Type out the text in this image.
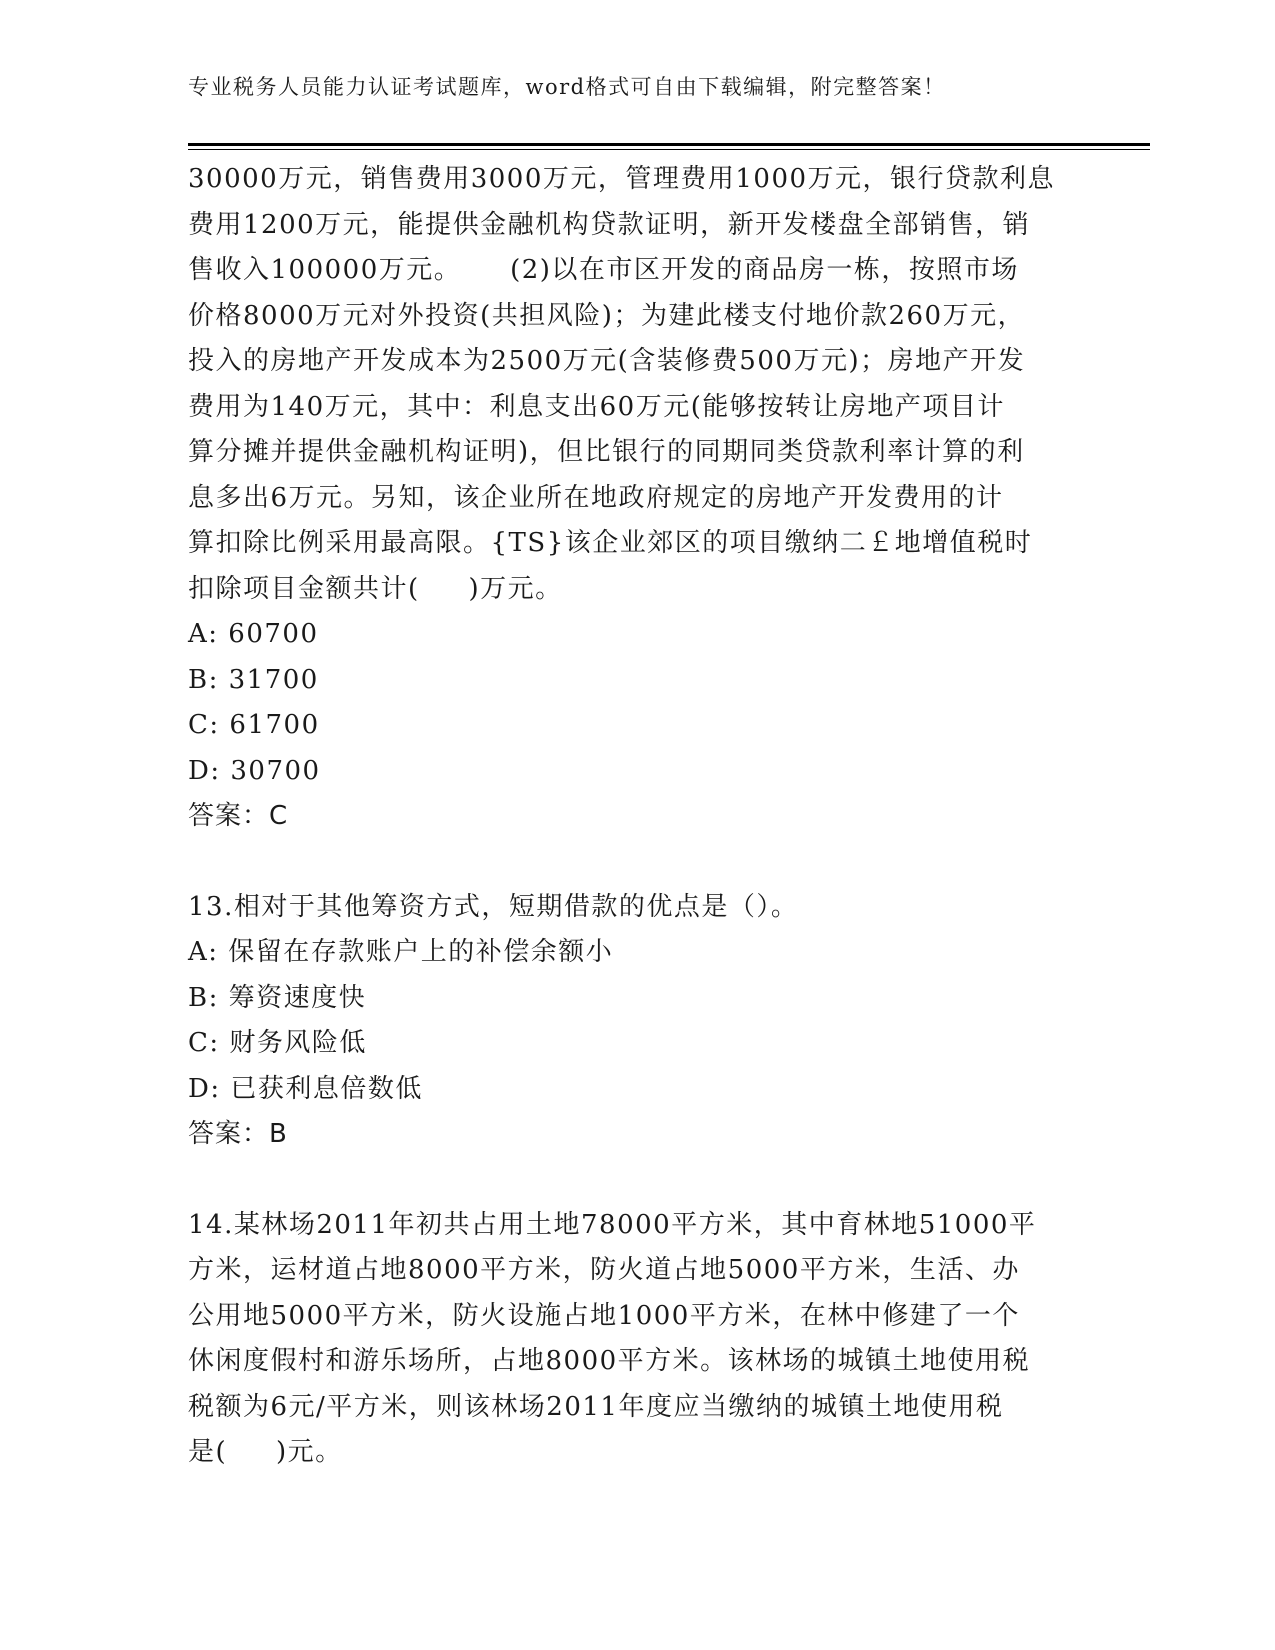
专业税务人员能力认证考试题库，word格式可自由下载编辑，附完整答案！

30000万元，销售费用3000万元，管理费用1000万元，银行贷款利息

费用1200万元，能提供金融机构贷款证明，新开发楼盘全部销售，销

售收入100000万元。     (2)以在市区开发的商品房一栋，按照市场

价格8000万元对外投资(共担风险)；为建此楼支付地价款260万元，

投入的房地产开发成本为2500万元(含装修费500万元)；房地产开发

费用为140万元，其中：利息支出60万元(能够按转让房地产项目计

算分摊并提供金融机构证明)，但比银行的同期同类贷款利率计算的利

息多出6万元。另知，该企业所在地政府规定的房地产开发费用的计

算扣除比例采用最高限。{TS}该企业郊区的项目缴纳二￡地增值税时

扣除项目金额共计(     )万元。

A: 60700

B: 31700

C: 61700

D: 30700

答案：C

13.相对于其他筹资方式，短期借款的优点是（）。

A: 保留在存款账户上的补偿余额小

B: 筹资速度快

C: 财务风险低

D: 已获利息倍数低

答案：B

14.某林场2011年初共占用土地78000平方米，其中育林地51000平

方米，运材道占地8000平方米，防火道占地5000平方米，生活、办

公用地5000平方米，防火设施占地1000平方米，在林中修建了一个

休闲度假村和游乐场所，占地8000平方米。该林场的城镇土地使用税

税额为6元/平方米，则该林场2011年度应当缴纳的城镇土地使用税

是(     )元。
